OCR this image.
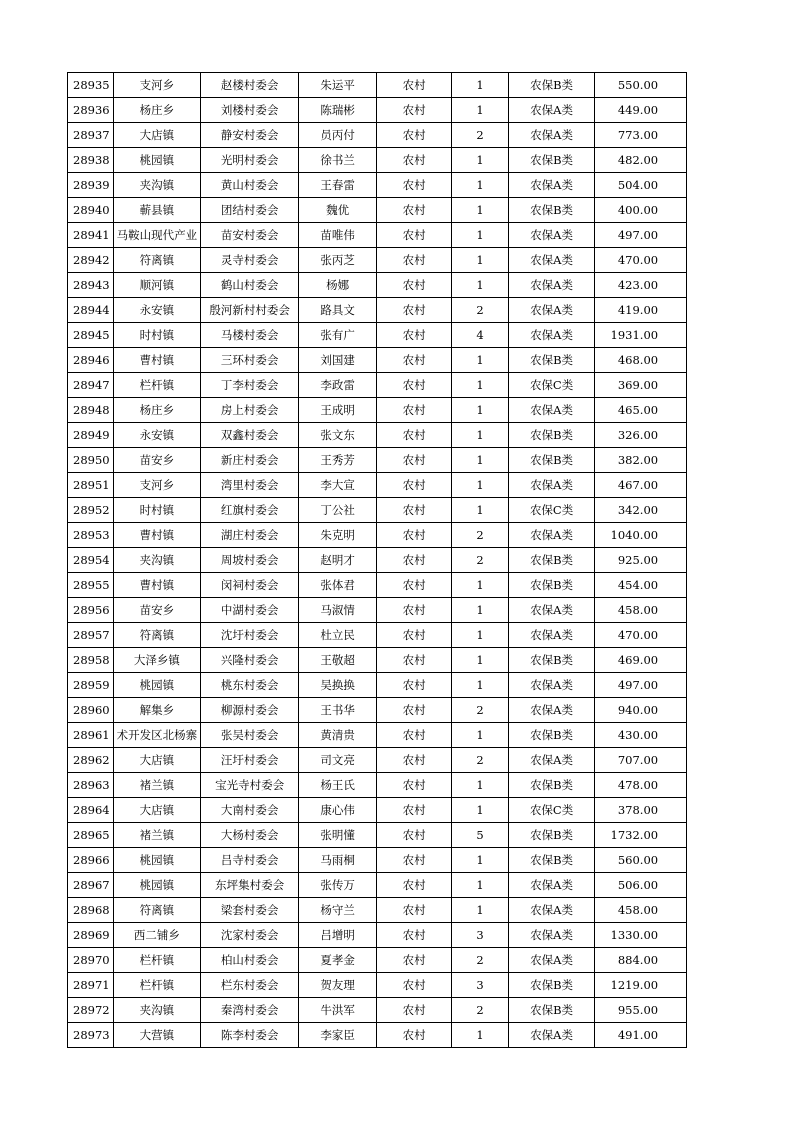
28935	支河乡	赵楼村委会	朱运平	农村	1	农保B类	550.00
28936	杨庄乡	刘楼村委会	陈瑞彬	农村	1	农保A类	449.00
28937	大店镇	静安村委会	员丙付	农村	2	农保A类	773.00
28938	桃园镇	光明村委会	徐书兰	农村	1	农保B类	482.00
28939	夹沟镇	黄山村委会	王春雷	农村	1	农保A类	504.00
28940	蕲县镇	团结村委会	魏优	农村	1	农保B类	400.00
28941	马鞍山现代产业	苗安村委会	苗唯伟	农村	1	农保A类	497.00
28942	符离镇	灵寺村委会	张丙芝	农村	1	农保A类	470.00
28943	顺河镇	鹤山村委会	杨娜	农村	1	农保A类	423.00
28944	永安镇	殷河新村村委会	路具文	农村	2	农保A类	419.00
28945	时村镇	马楼村委会	张有广	农村	4	农保A类	1931.00
28946	曹村镇	三环村委会	刘国建	农村	1	农保B类	468.00
28947	栏杆镇	丁李村委会	李政雷	农村	1	农保C类	369.00
28948	杨庄乡	房上村委会	王成明	农村	1	农保A类	465.00
28949	永安镇	双鑫村委会	张文东	农村	1	农保B类	326.00
28950	苗安乡	新庄村委会	王秀芳	农村	1	农保B类	382.00
28951	支河乡	湾里村委会	李大宣	农村	1	农保A类	467.00
28952	时村镇	红旗村委会	丁公社	农村	1	农保C类	342.00
28953	曹村镇	湖庄村委会	朱克明	农村	2	农保A类	1040.00
28954	夹沟镇	周坡村委会	赵明才	农村	2	农保B类	925.00
28955	曹村镇	闵祠村委会	张体君	农村	1	农保B类	454.00
28956	苗安乡	中湖村委会	马淑情	农村	1	农保A类	458.00
28957	符离镇	沈圩村委会	杜立民	农村	1	农保A类	470.00
28958	大泽乡镇	兴隆村委会	王敬超	农村	1	农保B类	469.00
28959	桃园镇	桃东村委会	吴换换	农村	1	农保A类	497.00
28960	解集乡	柳源村委会	王书华	农村	2	农保A类	940.00
28961	术开发区北杨寨	张吴村委会	黄清贵	农村	1	农保B类	430.00
28962	大店镇	汪圩村委会	司文亮	农村	2	农保A类	707.00
28963	褚兰镇	宝光寺村委会	杨王氏	农村	1	农保B类	478.00
28964	大店镇	大南村委会	康心伟	农村	1	农保C类	378.00
28965	褚兰镇	大杨村委会	张明懂	农村	5	农保B类	1732.00
28966	桃园镇	吕寺村委会	马雨桐	农村	1	农保B类	560.00
28967	桃园镇	东坪集村委会	张传万	农村	1	农保A类	506.00
28968	符离镇	梁套村委会	杨守兰	农村	1	农保A类	458.00
28969	西二铺乡	沈家村委会	吕增明	农村	3	农保A类	1330.00
28970	栏杆镇	柏山村委会	夏孝金	农村	2	农保A类	884.00
28971	栏杆镇	栏东村委会	贺友理	农村	3	农保B类	1219.00
28972	夹沟镇	秦湾村委会	牛洪军	农村	2	农保B类	955.00
28973	大营镇	陈李村委会	李家臣	农村	1	农保A类	491.00
